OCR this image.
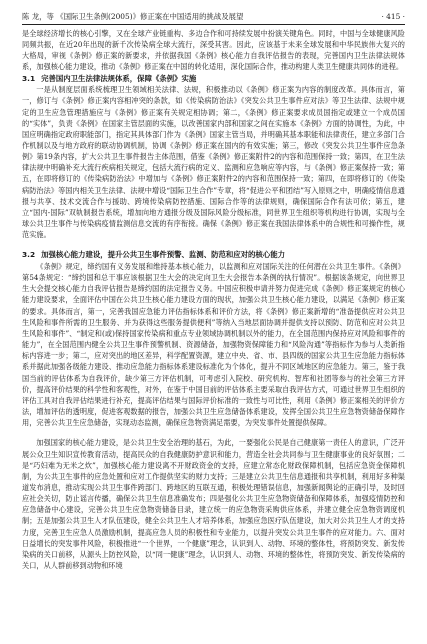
陈 龙，等 《国际卫生条例(2005)》修正案在中国适用的挑战及展望	· 415 ·

是全球经济增长的核心引擎，又在全球产业链重构、多边合作和可持续发展中扮演关键角色。同时，中国与全球健康风险同频共振，在近20年出现的新千次传染病全球大流行，深受其害。因此，应该基于未来全球发展和中华民族伟大复兴的大格局，审视《条例》修正案的新要求，并依据我国《条例》核心能力自我评估报告的表现，完善国内卫生法律法规体系，加强核心能力建设，推动《条例》修正案在中国的转化适用，深化国际合作，推动构建人类卫生健康共同体的进程。

3.1 完善国内卫生法律法规体系，保障《条例》实施

一是从制度层面系统梳理卫生领域相关法律、法规，积极推动以《条例》修正案为内容的制度改革。具体而言，第一，修订与《条例》修正案内容相冲突的条款，如《传染病防治法》《突发公共卫生事件应对法》等卫生法律、法规中规定的卫生应急管理措施应与《条例》修正案有关规定相协调；第二，《条例》修正案要求成员国指定或建立一个成员国的“实体”，负责《条例》在国家主管层面的实施，以改善国家内部和国家之间在实施本《条例》方面的协调性，为此，中国应明确指定政府职能部门，指定其具体部门作为《条例》国家主管当局，并明确其基本职能和法律责任，建立多部门合作机制以及与地方政府的联动协调机制，协调《条例》修正案在国内的有效实施；第三，修改《突发公共卫生事件应急条例》第19条内容，扩大公共卫生事件报告主体范围，借鉴《条例》修正案附件2的内容和范围保持一致；第四，在卫生法律法规中明确补充大流行疾病相关规定，包括大流行病的定义、监测和应急响应等内容，与《条例》修正案保持一致；第五，在即将修订的《传染病防治法》中增加与《条例》修正案附件2的内容和范围保持一致；第四，在即将修订的《传染病防治法》等国内相关卫生法律、法规中增设“国际卫生合作”专章，将“促进公平和团结”写入原则之中，明确疫情信息通报与共享、技术交流合作与援助、跨境传染病防控措施、国际合作等的法律规则，确保国际合作有法可依；第五，建立“国内-国际”双轨制报告系统，增加向地方通报分级及国际风险分级标准，同世界卫生组织等机构进行协调，实现与全球公共卫生事件与传染病疫情监测信息交流的有序衔接。确保《条例》修正案在我国法律体系中的合规性和可操作性，规范实施。

3.2 加强核心能力建设，提升公共卫生事件预警、监测、防范和应对的核心能力

《条例》规定，缔约国有义务发展和维持基本核心能力，以监测和应对国际关注的任何潜在公共卫生事件。《条例》第54条规定：“缔约国和总干事应该根据卫生大会的决定向卫生大会报告本条例的执行情况”。根据该条规定，向世界卫生大会提交核心能力自我评估报告是缔约国的法定报告义务。中国应积极申请并努力促进完成《条例》修正案规定的核心能力建设要求，全面评估中国在公共卫生核心能力建设方面的现状，加强公共卫生核心能力建设，以满足《条例》修正案的要求。具体而言，第一，完善我国应急能力评估指标体系和评价方法，将《条例》修正案新增的“准备提供应对公共卫生风险和事件所需的卫生服务、并为获得这些服务提供便利”等纳入当地层面协调并提供支持以预防、防范和应对公共卫生风险和事件”、“制定和(或)保持国家传染病和重点专业领域协调机制以外的能力，在全国范围内保持应对风险和事件的能力”，在全国范围内健全公共卫生事件预警机制、资源储备，加强物资保障能力和“风险沟通”等指标作为参与人类新指标内容进一步；第二，应对突出的地区差异，科学配置资源，建立中央、省、市、县四级的国家公共卫生应急能力指标体系并据此加强各级能力建设、推动应急能力指标体系建设标准化为个体化，提升不同区域地区的应急能力。第三，鉴于我国当前的评估体系为自我评价，缺少第三方评估机制，可考虑引入院校、研究机构、智库和社团等参与的社会第三方评价，提高评价结果的科学性和客观性，对外，在鉴于中国目前的评估体系主要采取自我评估方式，可通过世界卫生组织的评估工具对自我评估结果进行补充，提高评估结果与国际评价标准的一致性与可比性，利用《条例》修正案相关的评价方法，增加评估的透明度，促进客观数据的报告，加强公共卫生应急储备体系建设，发挥全国公共卫生应急物资储备保障作用，完善公共卫生应急储备，实现动态监测，确保应急物资满足需要，为突发事件处置提供保障。

加强国家的核心能力建设，是公共卫生安全治理的基石，为此，一要强化公民是自己健康第一责任人的意识，广泛开展公众卫生知识宣传教育活动，提高民众的自我健康防护意识和能力，营造全社会共同参与卫生健康事业的良好氛围；二是“巧妇难为无米之炊”，加强核心能力建设离不开财政资金的支持，应建立常态化财政保障机制，包括应急资金保障机制，为公共卫生事件的应急处置和应对工作提供坚实的财力支持；三是建立公共卫生信息通报和共享机制，利用好多种渠道发布消息，推动实现公共卫生事件跨部门、跨地区的互联互通，积极处理错误信息，加强新闻舆论的正确引导，及时回应社会关切，防止谣言传播，确保公共卫生信息准确发布；四是强化公共卫生应急物资储备和保障体系，加强疫情防控和应急储备中心建设，完善公共卫生应急物资储备目录，建立统一的应急物资采购供应体系，并建立健全应急物资调度机制；五是加强公共卫生人才队伍建设，健全公共卫生人才培养体系，加强应急医疗队伍建设，加大对公共卫生人才的支持力度，完善卫生应急人员激励机制，提高应急人员的积极性和专业能力，以提升突发公共卫生事件的应对能力。六、面对日益增长的突发事件风险，积极推进“一个世界，一个健康”理念，认识到人、动物、环境的整体性，将预防突发、新发传染病的关口前移，从源头上防控风险，以“同一健康”理念，认识到人、动物、环境的整体性，将预防突发、新发传染病的关口，从人群前移到动物和环境
